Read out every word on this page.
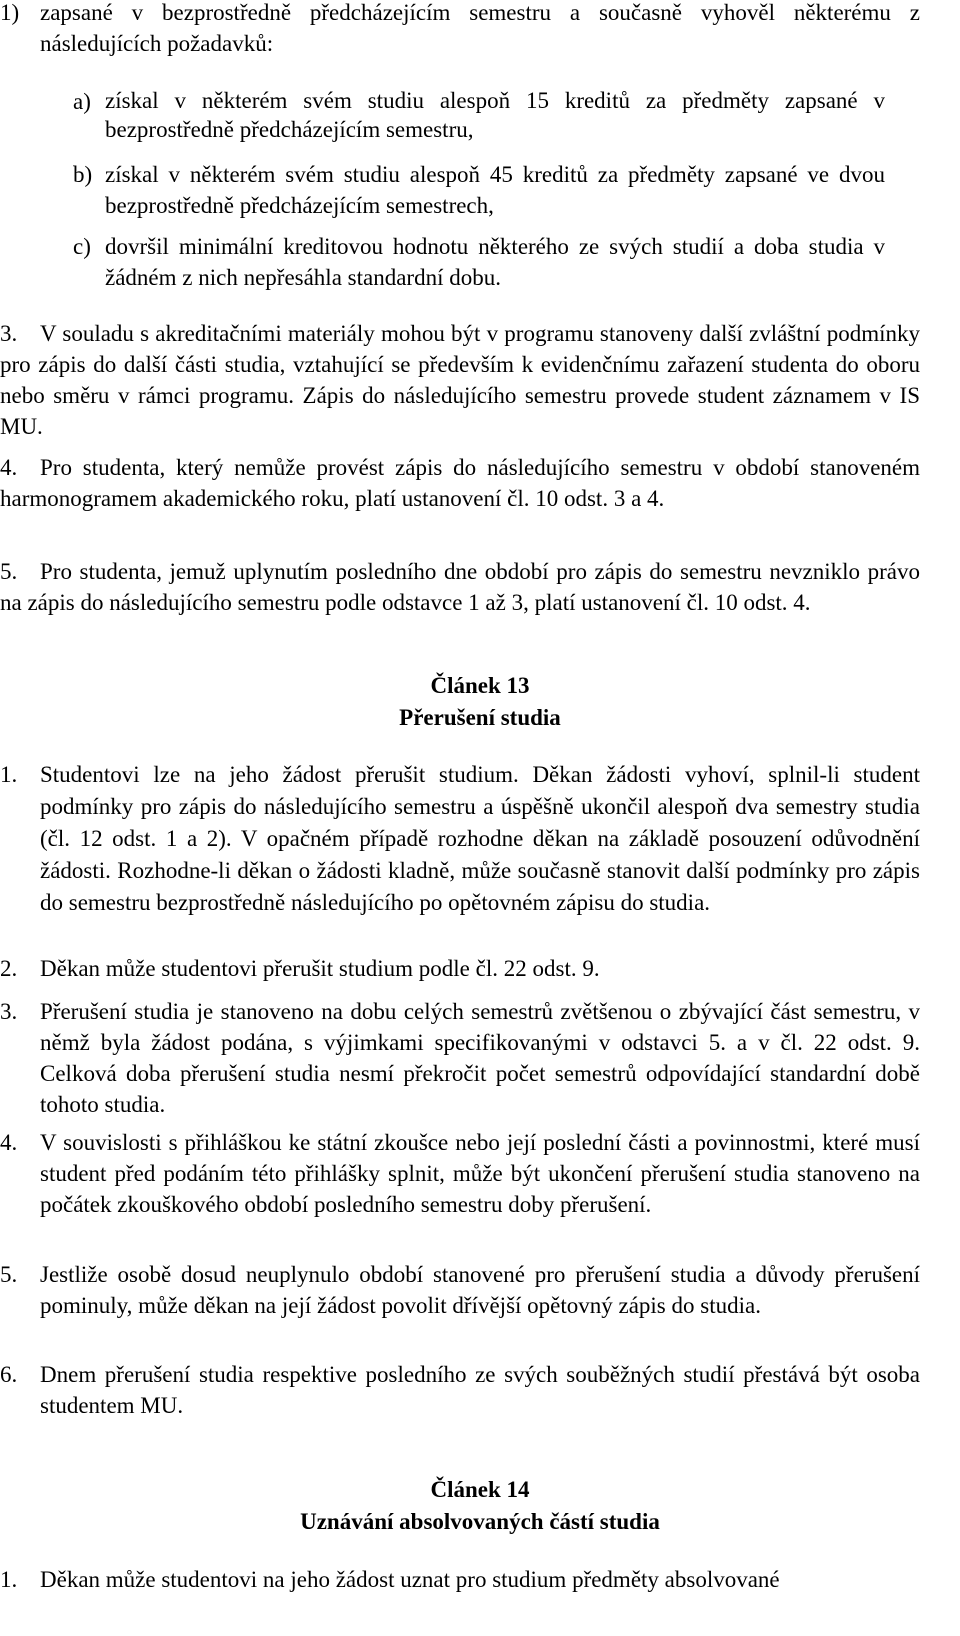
1) zapsané v bezprostředně předcházejícím semestru a současně vyhověl některému z následujících požadavků:
a) získal v některém svém studiu alespoň 15 kreditů za předměty zapsané v bezprostředně předcházejícím semestru,
b) získal v některém svém studiu alespoň 45 kreditů za předměty zapsané ve dvou bezprostředně předcházejícím semestrech,
c) dovršil minimální kreditovou hodnotu některého ze svých studií a doba studia v žádném z nich nepřesáhla standardní dobu.
3. V souladu s akreditačními materiály mohou být v programu stanoveny další zvláštní podmínky pro zápis do další části studia, vztahující se především k evidenčnímu zařazení studenta do oboru nebo směru v rámci programu. Zápis do následujícího semestru provede student záznamem v IS MU.
4. Pro studenta, který nemůže provést zápis do následujícího semestru v období stanoveném harmonogramem akademického roku, platí ustanovení čl. 10 odst. 3 a 4.
5. Pro studenta, jemuž uplynutím posledního dne období pro zápis do semestru nevzniklo právo na zápis do následujícího semestru podle odstavce 1 až 3, platí ustanovení čl. 10 odst. 4.
Článek 13
Přerušení studia
1. Studentovi lze na jeho žádost přerušit studium. Děkan žádosti vyhoví, splnil-li student podmínky pro zápis do následujícího semestru a úspěšně ukončil alespoň dva semestry studia (čl. 12 odst. 1 a 2). V opačném případě rozhodne děkan na základě posouzení odůvodnění žádosti. Rozhodne-li děkan o žádosti kladně, může současně stanovit další podmínky pro zápis do semestru bezprostředně následujícího po opětovném zápisu do studia.
2. Děkan může studentovi přerušit studium podle čl. 22 odst. 9.
3. Přerušení studia je stanoveno na dobu celých semestrů zvětšenou o zbývající část semestru, v němž byla žádost podána, s výjimkami specifikovanými v odstavci 5. a v čl. 22 odst. 9. Celková doba přerušení studia nesmí překročit počet semestrů odpovídající standardní době tohoto studia.
4. V souvislosti s přihláškou ke státní zkoušce nebo její poslední části a povinnostmi, které musí student před podáním této přihlášky splnit, může být ukončení přerušení studia stanoveno na počátek zkouškového období posledního semestru doby přerušení.
5. Jestliže osobě dosud neuplynulo období stanovené pro přerušení studia a důvody přerušení pominuly, může děkan na její žádost povolit dřívější opětovný zápis do studia.
6. Dnem přerušení studia respektive posledního ze svých souběžných studií přestává být osoba studentem MU.
Článek 14
Uznávání absolvovaných částí studia
1. Děkan může studentovi na jeho žádost uznat pro studium předměty absolvované
